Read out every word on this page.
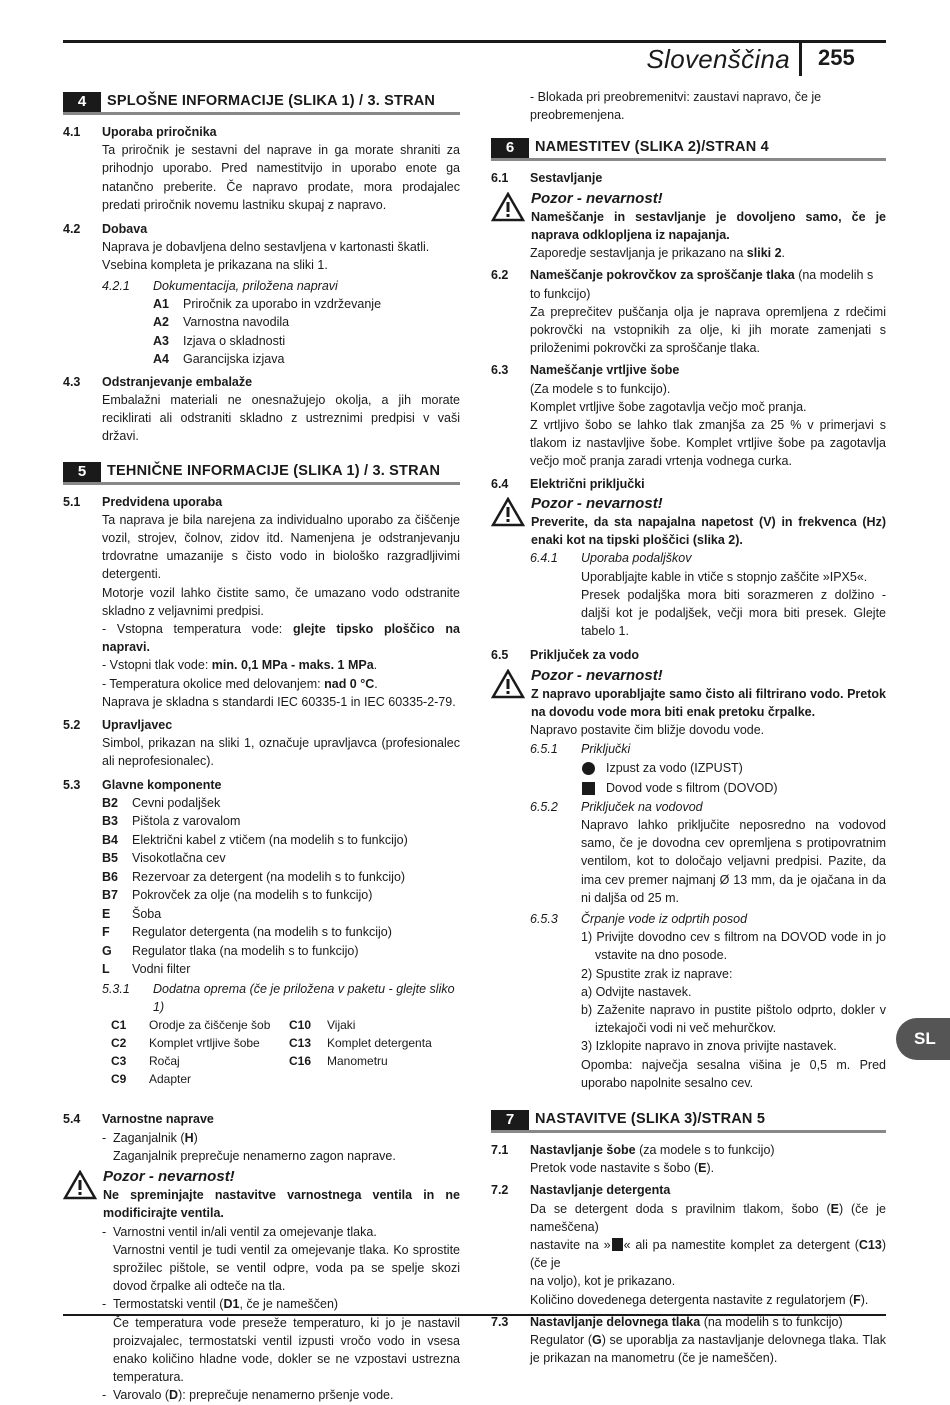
Slovenščina 255
SL
4	SPLOŠNE INFORMACIJE (SLIKA 1) / 3. STRAN
4.1 Uporaba priročnika
Ta priročnik je sestavni del naprave in ga morate shraniti za prihodnjo uporabo. Pred namestitvijo in uporabo enote ga natančno preberite. Če napravo prodate, mora prodajalec predati priročnik novemu lastniku skupaj z napravo.
4.2 Dobava
Naprava je dobavljena delno sestavljena v kartonasti škatli.
Vsebina kompleta je prikazana na sliki 1.
4.2.1 Dokumentacija, priložena napravi
A1 Priročnik za uporabo in vzdrževanje
A2 Varnostna navodila
A3 Izjava o skladnosti
A4 Garancijska izjava
4.3 Odstranjevanje embalaže
Embalažni materiali ne onesnažujejo okolja, a jih morate reciklirati ali odstraniti skladno z ustreznimi predpisi v vaši državi.
5	TEHNIČNE INFORMACIJE (SLIKA 1) / 3. STRAN
5.1 Predvidena uporaba
Ta naprava je bila narejena za individualno uporabo za čiščenje vozil, strojev, čolnov, zidov itd. Namenjena je odstranjevanju trdovratne umazanije s čisto vodo in biološko razgradljivimi detergenti.
Motorje vozil lahko čistite samo, če umazano vodo odstranite skladno z veljavnimi predpisi.
- Vstopna temperatura vode: glejte tipsko ploščico na napravi.
- Vstopni tlak vode: min. 0,1 MPa - maks. 1 MPa.
- Temperatura okolice med delovanjem: nad 0 °C.
Naprava je skladna s standardi IEC 60335-1 in IEC 60335-2-79.
5.2 Upravljavec
Simbol, prikazan na sliki 1, označuje upravljavca (profesionalec ali neprofesionalec).
5.3 Glavne komponente
B2 Cevni podaljšek
B3 Pištola z varovalom
B4 Električni kabel z vtičem (na modelih s to funkcijo)
B5 Visokotlačna cev
B6 Rezervoar za detergent (na modelih s to funkcijo)
B7 Pokrovček za olje (na modelih s to funkcijo)
E Šoba
F Regulator detergenta (na modelih s to funkcijo)
G Regulator tlaka (na modelih s to funkcijo)
L Vodni filter
5.3.1 Dodatna oprema (če je priložena v paketu - glejte sliko 1)
C1	Orodje za čiščenje šob	C10	Vijaki
C2	Komplet vrtljive šobe	C13	Komplet detergenta
C3	Ročaj	C16	Manometru
C9	Adapter
5.4 Varnostne naprave
- Zaganjalnik (H)
Zaganjalnik preprečuje nenamerno zagon naprave.
Pozor - nevarnost!
Ne spreminjajte nastavitve varnostnega ventila in ne modificirajte ventila.
- Varnostni ventil in/ali ventil za omejevanje tlaka.
Varnostni ventil je tudi ventil za omejevanje tlaka. Ko sprostite sprožilec pištole, se ventil odpre, voda pa se spelje skozi dovod črpalke ali odteče na tla.
- Termostatski ventil (D1, če je nameščen)
Če temperatura vode preseže temperaturo, ki jo je nastavil proizvajalec, termostatski ventil izpusti vročo vodo in vsesa enako količino hladne vode, dokler se ne vzpostavi ustrezna temperatura.
- Varovalo (D): preprečuje nenamerno pršenje vode.
- Blokada pri preobremenitvi: zaustavi napravo, če je preobremenjena.
6	NAMESTITEV (SLIKA 2)/STRAN 4
6.1 Sestavljanje
Pozor - nevarnost!
Nameščanje in sestavljanje je dovoljeno samo, če je naprava odklopljena iz napajanja.
Zaporedje sestavljanja je prikazano na sliki 2.
6.2 Nameščanje pokrovčkov za sproščanje tlaka (na modelih s to funkcijo)
Za preprečitev puščanja olja je naprava opremljena z rdečimi pokrovčki na vstopnikih za olje, ki jih morate zamenjati s priloženimi pokrovčki za sproščanje tlaka.
6.3 Nameščanje vrtljive šobe
(Za modele s to funkcijo).
Komplet vrtljive šobe zagotavlja večjo moč pranja.
Z vrtljivo šobo se lahko tlak zmanjša za 25 % v primerjavi s tlakom iz nastavljive šobe. Komplet vrtljive šobe pa zagotavlja večjo moč pranja zaradi vrtenja vodnega curka.
6.4 Električni priključki
Pozor - nevarnost!
Preverite, da sta napajalna napetost (V) in frekvenca (Hz) enaki kot na tipski ploščici (slika 2).
6.4.1 Uporaba podaljškov
Uporabljajte kable in vtiče s stopnjo zaščite »IPX5«.
Presek podaljška mora biti sorazmeren z dolžino - daljši kot je podaljšek, večji mora biti presek. Glejte tabelo 1.
6.5 Priključek za vodo
Pozor - nevarnost!
Z napravo uporabljajte samo čisto ali filtrirano vodo. Pretok na dovodu vode mora biti enak pretoku črpalke.
Napravo postavite čim bližje dovodu vode.
6.5.1 Priključki
Izpust za vodo (IZPUST)
Dovod vode s filtrom (DOVOD)
6.5.2 Priključek na vodovod
Napravo lahko priključite neposredno na vodovod samo, če je dovodna cev opremljena s protipovratnim ventilom, kot to določajo veljavni predpisi. Pazite, da ima cev premer najmanj Ø 13 mm, da je ojačana in da ni daljša od 25 m.
6.5.3 Črpanje vode iz odprtih posod
1) Privijte dovodno cev s filtrom na DOVOD vode in jo vstavite na dno posode.
2) Spustite zrak iz naprave:
a) Odvijte nastavek.
b) Zaženite napravo in pustite pištolo odprto, dokler v iztekajoči vodi ni več mehurčkov.
3) Izklopite napravo in znova privijte nastavek.
Opomba: največja sesalna višina je 0,5 m. Pred uporabo napolnite sesalno cev.
7	NASTAVITVE (SLIKA 3)/STRAN 5
7.1 Nastavljanje šobe (za modele s to funkcijo)
Pretok vode nastavite s šobo (E).
7.2 Nastavljanje detergenta
Da se detergent doda s pravilnim tlakom, šobo (E) (če je nameščena)
nastavite na » « ali pa namestite komplet za detergent (C13) (če je
na voljo), kot je prikazano.
Količino dovedenega detergenta nastavite z regulatorjem (F).
7.3 Nastavljanje delovnega tlaka (na modelih s to funkcijo)
Regulator (G) se uporablja za nastavljanje delovnega tlaka. Tlak je prikazan na manometru (če je nameščen).
